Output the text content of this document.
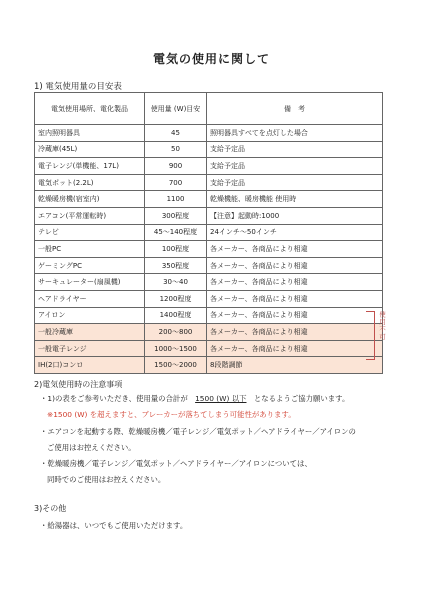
電気の使用に関して
1) 電気使用量の目安表
電気使用場所、電化製品	使用量 (W)目安	備　考
室内照明器具	45	照明器具すべてを点灯した場合
冷蔵庫(45L)	50	支給予定品
電子レンジ(単機能、17L)	900	支給予定品
電気ポット(2.2L)	700	支給予定品
乾燥暖房機(宿室内)	1100	乾燥機能、暖房機能 使用時
エアコン(平常運転時)	300程度	【注意】起動時:1000
テレビ	45〜140程度	24インチ〜50インチ
一般PC	100程度	各メーカー、各商品により相違
ゲーミングPC	350程度	各メーカー、各商品により相違
サーキュレーター(扇風機)	30〜40	各メーカー、各商品により相違
ヘアドライヤー	1200程度	各メーカー、各商品により相違
アイロン	1400程度	各メーカー、各商品により相違
一般冷蔵庫	200〜800	各メーカー、各商品により相違
一般電子レンジ	1000〜1500	各メーカー、各商品により相違
IH(2口)コンロ	1500〜2000	8段階調節
使用不可
2)電気使用時の注意事項
・1)の表をご参考いただき、使用量の合計が　1500 (W) 以下　となるようご協力願います。
※1500 (W) を超えますと、ブレーカーが落ちてしまう可能性があります。
・エアコンを起動する際、乾燥暖房機／電子レンジ／電気ポット／ヘアドライヤー／アイロンの
ご使用はお控えください。
・乾燥暖房機／電子レンジ／電気ポット／ヘアドライヤー／アイロンについては、
同時でのご使用はお控えください。
3)その他
・給湯器は、いつでもご使用いただけます。
